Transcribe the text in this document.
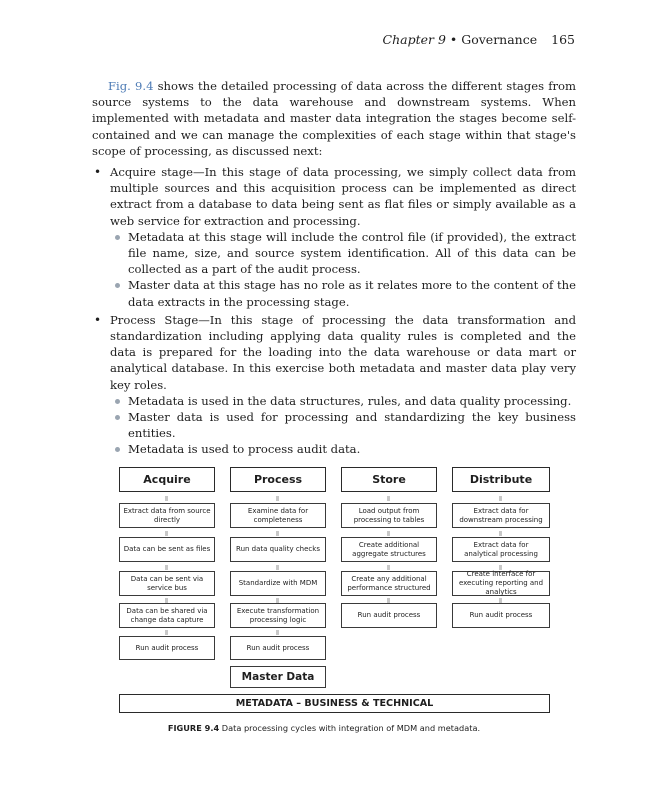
Chapter 9 • Governance 165

Fig. 9.4 shows the detailed processing of data across the different stages from source systems to the data warehouse and downstream systems. When implemented with metadata and master data integration the stages become self-contained and we can manage the complexities of each stage within that stage's scope of processing, as discussed next:

• Acquire stage—In this stage of data processing, we simply collect data from multiple sources and this acquisition process can be implemented as direct extract from a database to data being sent as flat files or simply available as a web service for extraction and processing.
Metadata at this stage will include the control file (if provided), the extract file name, size, and source system identification. All of this data can be collected as a part of the audit process.
Master data at this stage has no role as it relates more to the content of the data extracts in the processing stage.
• Process Stage—In this stage of processing the data transformation and standardization including applying data quality rules is completed and the data is prepared for the loading into the data warehouse or data mart or analytical database. In this exercise both metadata and master data play very key roles.
Metadata is used in the data structures, rules, and data quality processing.
Master data is used for processing and standardizing the key business entities.
Metadata is used to process audit data.
Acquire
Extract data from source directly
Data can be sent as files
Data can be sent via service bus
Data can be shared via change data capture
Run audit process
Process
Examine data for completeness
Run data quality checks
Standardize with MDM
Execute transformation processing logic
Run audit process
Master Data
Store
Load output from processing to tables
Create additional aggregate structures
Create any additional performance structured
Run audit process
Distribute
Extract data for downstream processing
Extract data for analytical processing
Create interface for executing reporting and analytics
Run audit process
METADATA – BUSINESS & TECHNICAL
FIGURE 9.4 Data processing cycles with integration of MDM and metadata.
